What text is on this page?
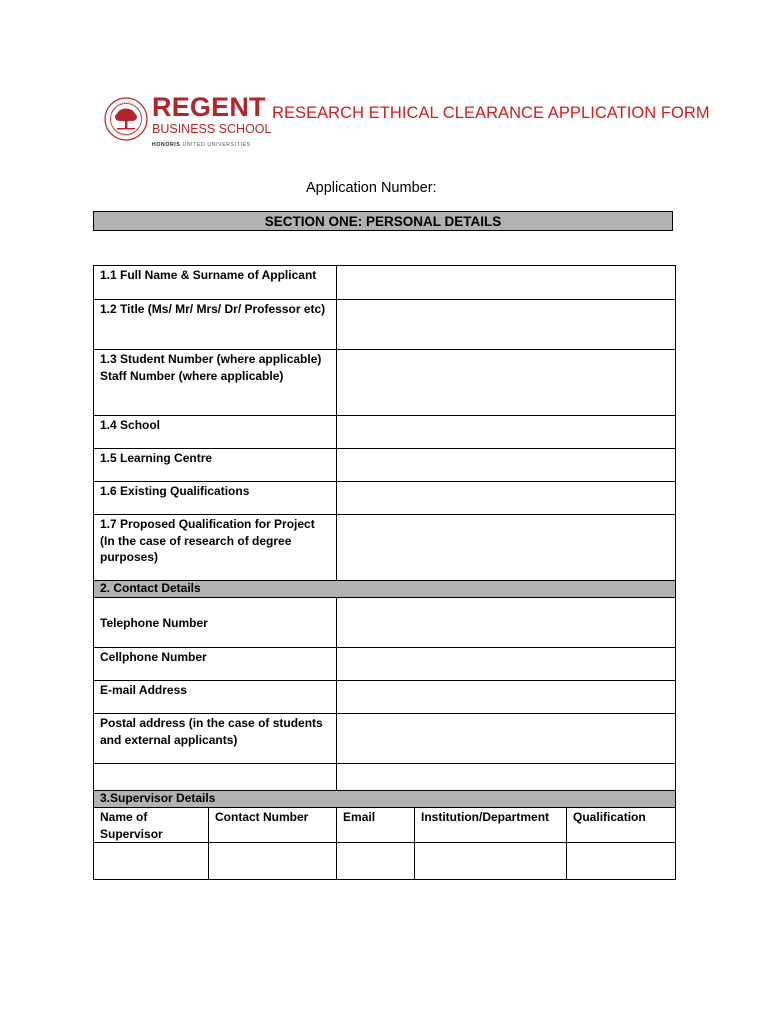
REGENT
BUSINESS SCHOOL
HONORIS UNITED UNIVERSITIES
RESEARCH ETHICAL CLEARANCE APPLICATION FORM
Application Number:
SECTION ONE: PERSONAL DETAILS
1.1 Full Name & Surname of Applicant				
1.2 Title (Ms/ Mr/ Mrs/ Dr/ Professor etc)				
1.3 Student Number (where applicable)
Staff Number (where applicable)				
1.4 School				
1.5 Learning Centre				
1.6 Existing Qualifications				
1.7 Proposed Qualification for Project (In the case of research of degree purposes)				
2. Contact Details				
Telephone Number				
Cellphone Number				
E-mail Address				
Postal address (in the case of students and external applicants)				

3.Supervisor Details				
Name of Supervisor	Contact Number	Email	Institution/Department	Qualification
